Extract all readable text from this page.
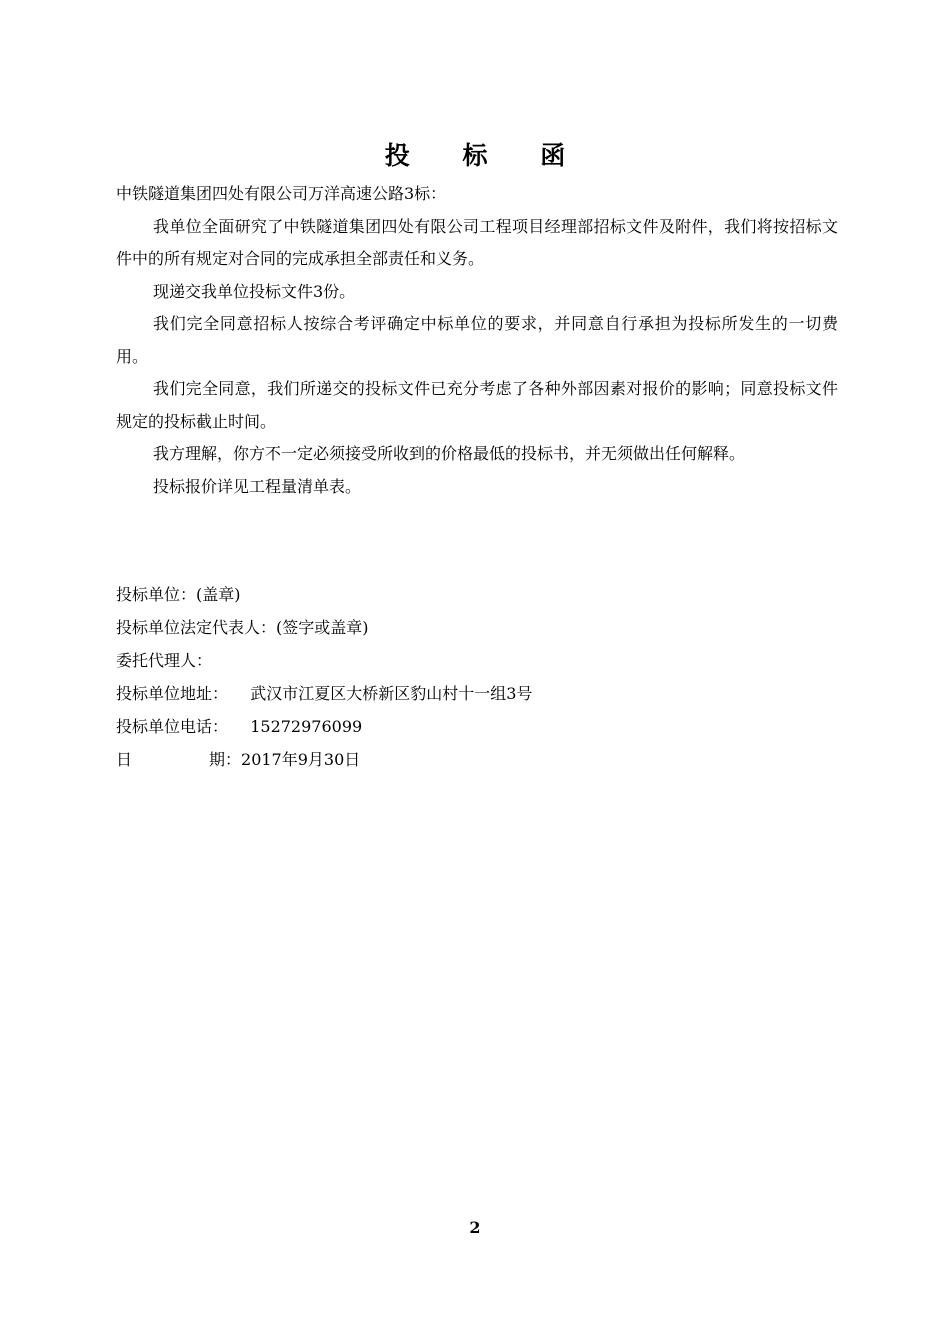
投 标 函

中铁隧道集团四处有限公司万洋高速公路3标：

我单位全面研究了中铁隧道集团四处有限公司工程项目经理部招标文件及附件，我们将按招标文件中的所有规定对合同的完成承担全部责任和义务。

现递交我单位投标文件3份。

我们完全同意招标人按综合考评确定中标单位的要求，并同意自行承担为投标所发生的一切费用。

我们完全同意，我们所递交的投标文件已充分考虑了各种外部因素对报价的影响；同意投标文件规定的投标截止时间。

我方理解，你方不一定必须接受所收到的价格最低的投标书，并无须做出任何解释。

投标报价详见工程量清单表。

投标单位：(盖章)
投标单位法定代表人：(签字或盖章)
委托代理人：
投标单位地址： 武汉市江夏区大桥新区豹山村十一组3号
投标单位电话： 15272976099
日	期：2017年9月30日
2
